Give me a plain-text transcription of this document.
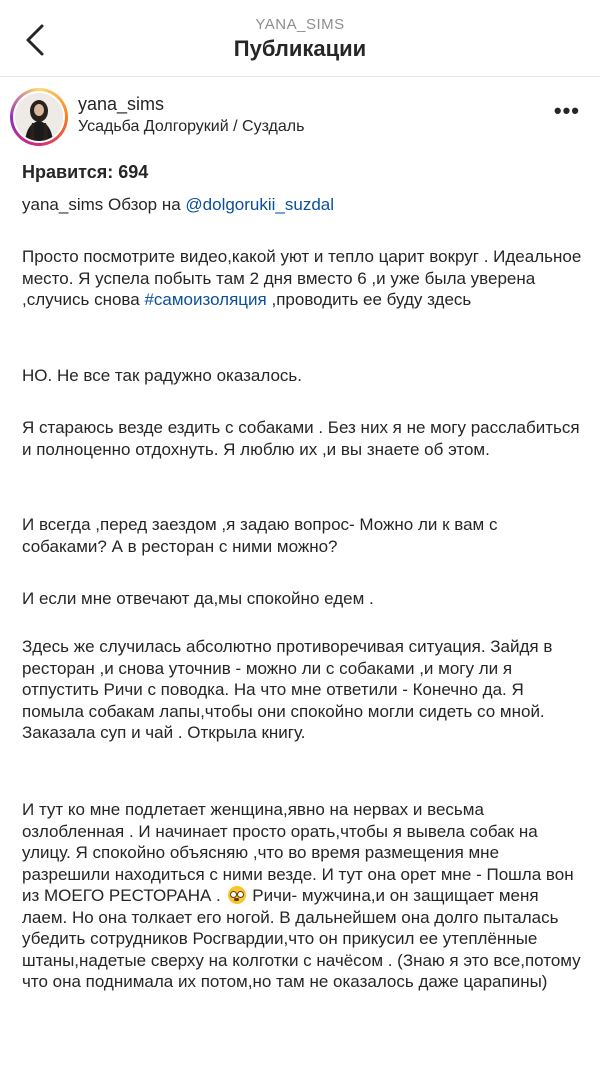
YANA_SIMS
Публикации
yana_sims
Усадьба Долгорукий / Суздаль
•••
Нравится: 694
yana_sims Обзор на @dolgorukii_suzdal
Просто посмотрите видео,какой уют и тепло царит вокруг . Идеальное место. Я успела побыть там 2 дня вместо 6 ,и уже была уверена ,случись снова #самоизоляция ,проводить ее буду здесь
НО. Не все так радужно оказалось.
Я стараюсь везде ездить с собаками . Без них я не могу расслабиться и полноценно отдохнуть. Я люблю их ,и вы знаете об этом.
И всегда ,перед заездом ,я задаю вопрос- Можно ли к вам с собаками? А в ресторан с ними можно?
И если мне отвечают да,мы спокойно едем .
Здесь же случилась абсолютно противоречивая ситуация. Зайдя в ресторан ,и снова уточнив - можно ли с собаками ,и могу ли я отпустить Ричи с поводка. На что мне ответили - Конечно да. Я помыла собакам лапы,чтобы они спокойно могли сидеть со мной. Заказала суп и чай . Открыла книгу.
И тут ко мне подлетает женщина,явно на нервах и весьма озлобленная . И начинает просто орать,чтобы я вывела собак на улицу. Я спокойно объясняю ,что во время размещения мне разрешили находиться с ними везде. И тут она орет мне - Пошла вон из МОЕГО РЕСТОРАНА . Ричи- мужчина,и он защищает меня лаем. Но она толкает его ногой. В дальнейшем она долго пыталась убедить сотрудников Росгвардии,что он прикусил ее утеплённые штаны,надетые сверху на колготки с начёсом . (Знаю я это все,потому что она поднимала их потом,но там не оказалось даже царапины)
